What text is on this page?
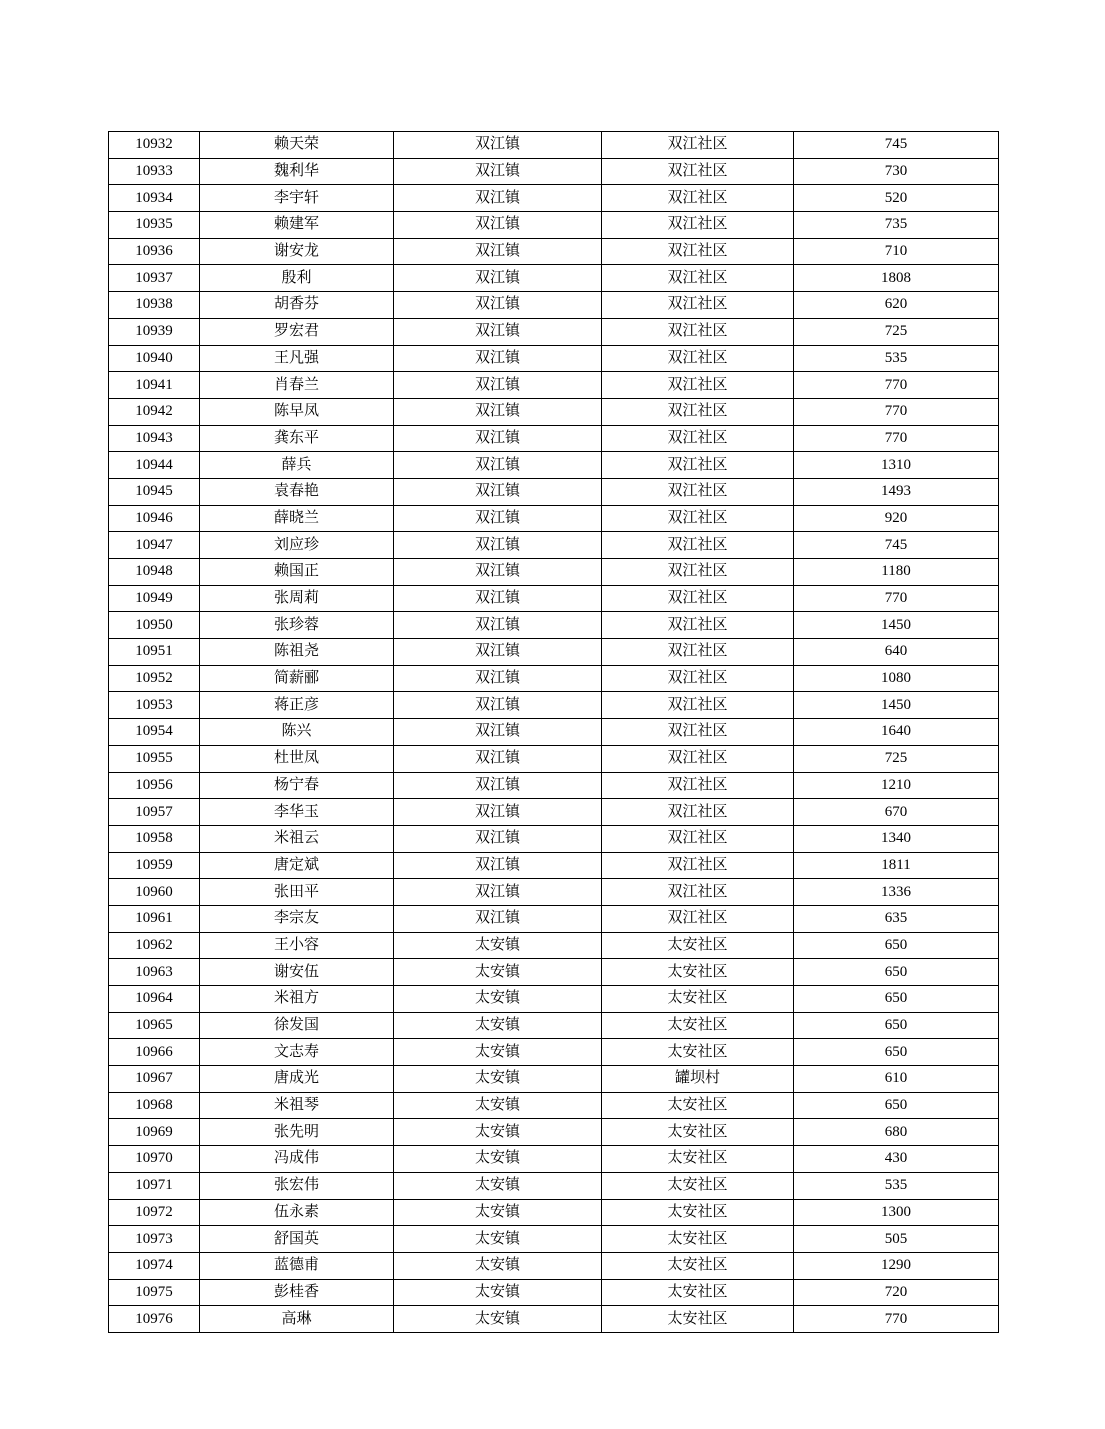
10932	赖天荣	双江镇	双江社区	745
10933	魏利华	双江镇	双江社区	730
10934	李宇轩	双江镇	双江社区	520
10935	赖建军	双江镇	双江社区	735
10936	谢安龙	双江镇	双江社区	710
10937	殷利	双江镇	双江社区	1808
10938	胡香芬	双江镇	双江社区	620
10939	罗宏君	双江镇	双江社区	725
10940	王凡强	双江镇	双江社区	535
10941	肖春兰	双江镇	双江社区	770
10942	陈早凤	双江镇	双江社区	770
10943	龚东平	双江镇	双江社区	770
10944	薛兵	双江镇	双江社区	1310
10945	袁春艳	双江镇	双江社区	1493
10946	薛晓兰	双江镇	双江社区	920
10947	刘应珍	双江镇	双江社区	745
10948	赖国正	双江镇	双江社区	1180
10949	张周莉	双江镇	双江社区	770
10950	张珍蓉	双江镇	双江社区	1450
10951	陈祖尧	双江镇	双江社区	640
10952	简薪郦	双江镇	双江社区	1080
10953	蒋正彦	双江镇	双江社区	1450
10954	陈兴	双江镇	双江社区	1640
10955	杜世凤	双江镇	双江社区	725
10956	杨宁春	双江镇	双江社区	1210
10957	李华玉	双江镇	双江社区	670
10958	米祖云	双江镇	双江社区	1340
10959	唐定斌	双江镇	双江社区	1811
10960	张田平	双江镇	双江社区	1336
10961	李宗友	双江镇	双江社区	635
10962	王小容	太安镇	太安社区	650
10963	谢安伍	太安镇	太安社区	650
10964	米祖方	太安镇	太安社区	650
10965	徐发国	太安镇	太安社区	650
10966	文志寿	太安镇	太安社区	650
10967	唐成光	太安镇	罐坝村	610
10968	米祖琴	太安镇	太安社区	650
10969	张先明	太安镇	太安社区	680
10970	冯成伟	太安镇	太安社区	430
10971	张宏伟	太安镇	太安社区	535
10972	伍永素	太安镇	太安社区	1300
10973	舒国英	太安镇	太安社区	505
10974	蓝德甫	太安镇	太安社区	1290
10975	彭桂香	太安镇	太安社区	720
10976	高琳	太安镇	太安社区	770
